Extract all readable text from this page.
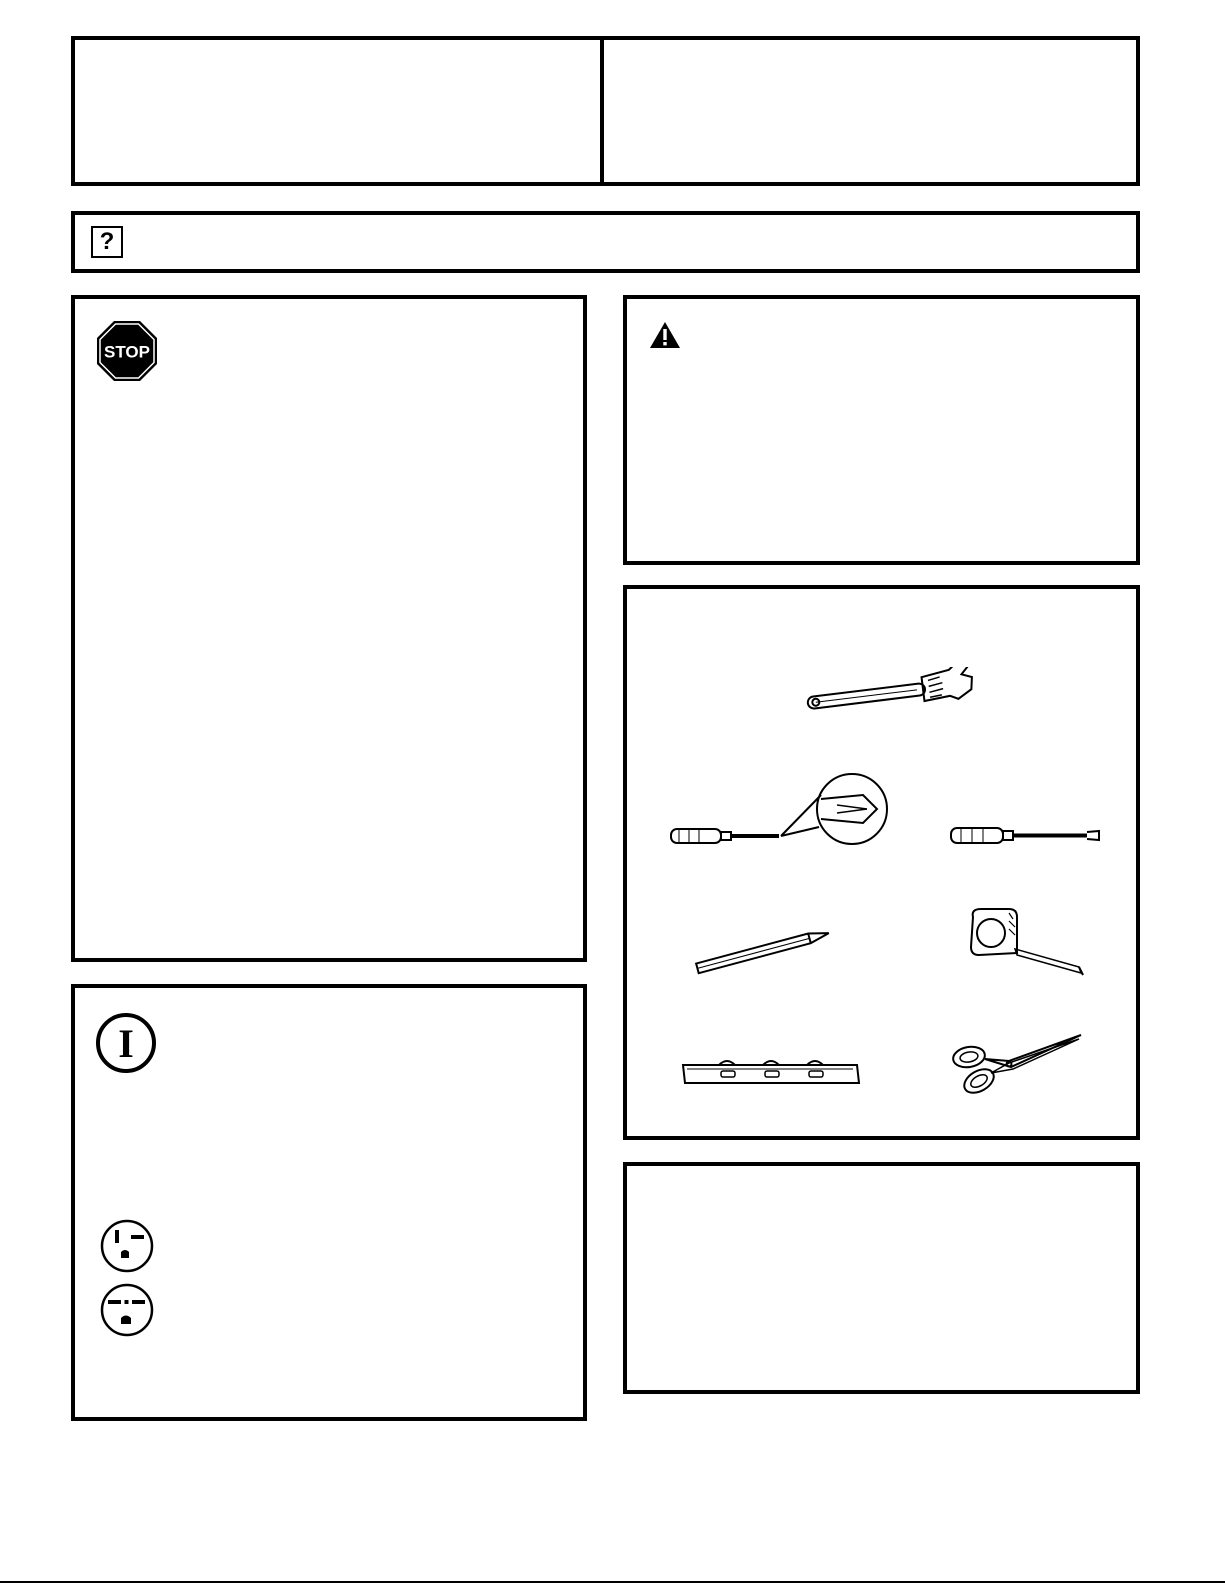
?
STOP
I
